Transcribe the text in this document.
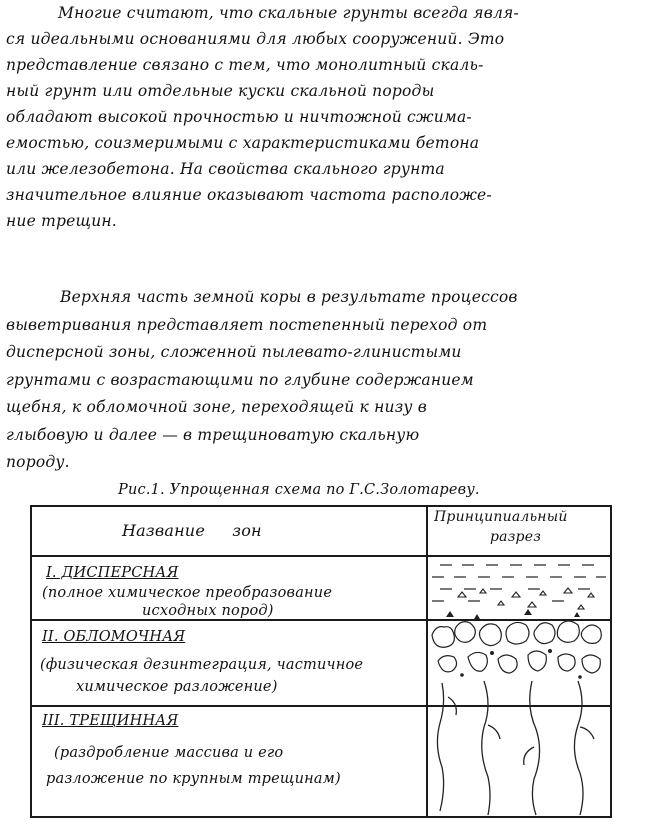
Многие считают, что скальные грунты всегда явля-
ся идеальными основаниями для любых сооружений. Это
представление связано с тем, что монолитный скаль-
ный грунт или отдельные куски скальной породы
обладают высокой прочностью и ничтожной сжима-
емостью, соизмеримыми с характеристиками бетона
или железобетона. На свойства скального грунта
значительное влияние оказывают частота расположе-
ние трещин.
Верхняя часть земной коры в результате процессов
выветривания представляет постепенный переход от
дисперсной зоны, сложенной пылевато-глинистыми
грунтами с возрастающими по глубине содержанием
щебня, к обломочной зоне, переходящей к низу в
глыбовую и далее — в трещиноватую скальную
породу.
Рис.1. Упрощенная схема по Г.С.Золотареву.
Название зон
Принципиальный
разрез
I. ДИСПЕРСНАЯ
(полное химическое преобразование
исходных пород)
II. ОБЛОМОЧНАЯ
(физическая дезинтеграция, частичное
химическое разложение)
III. ТРЕЩИННАЯ
(раздробление массива и его
разложение по крупным трещинам)
